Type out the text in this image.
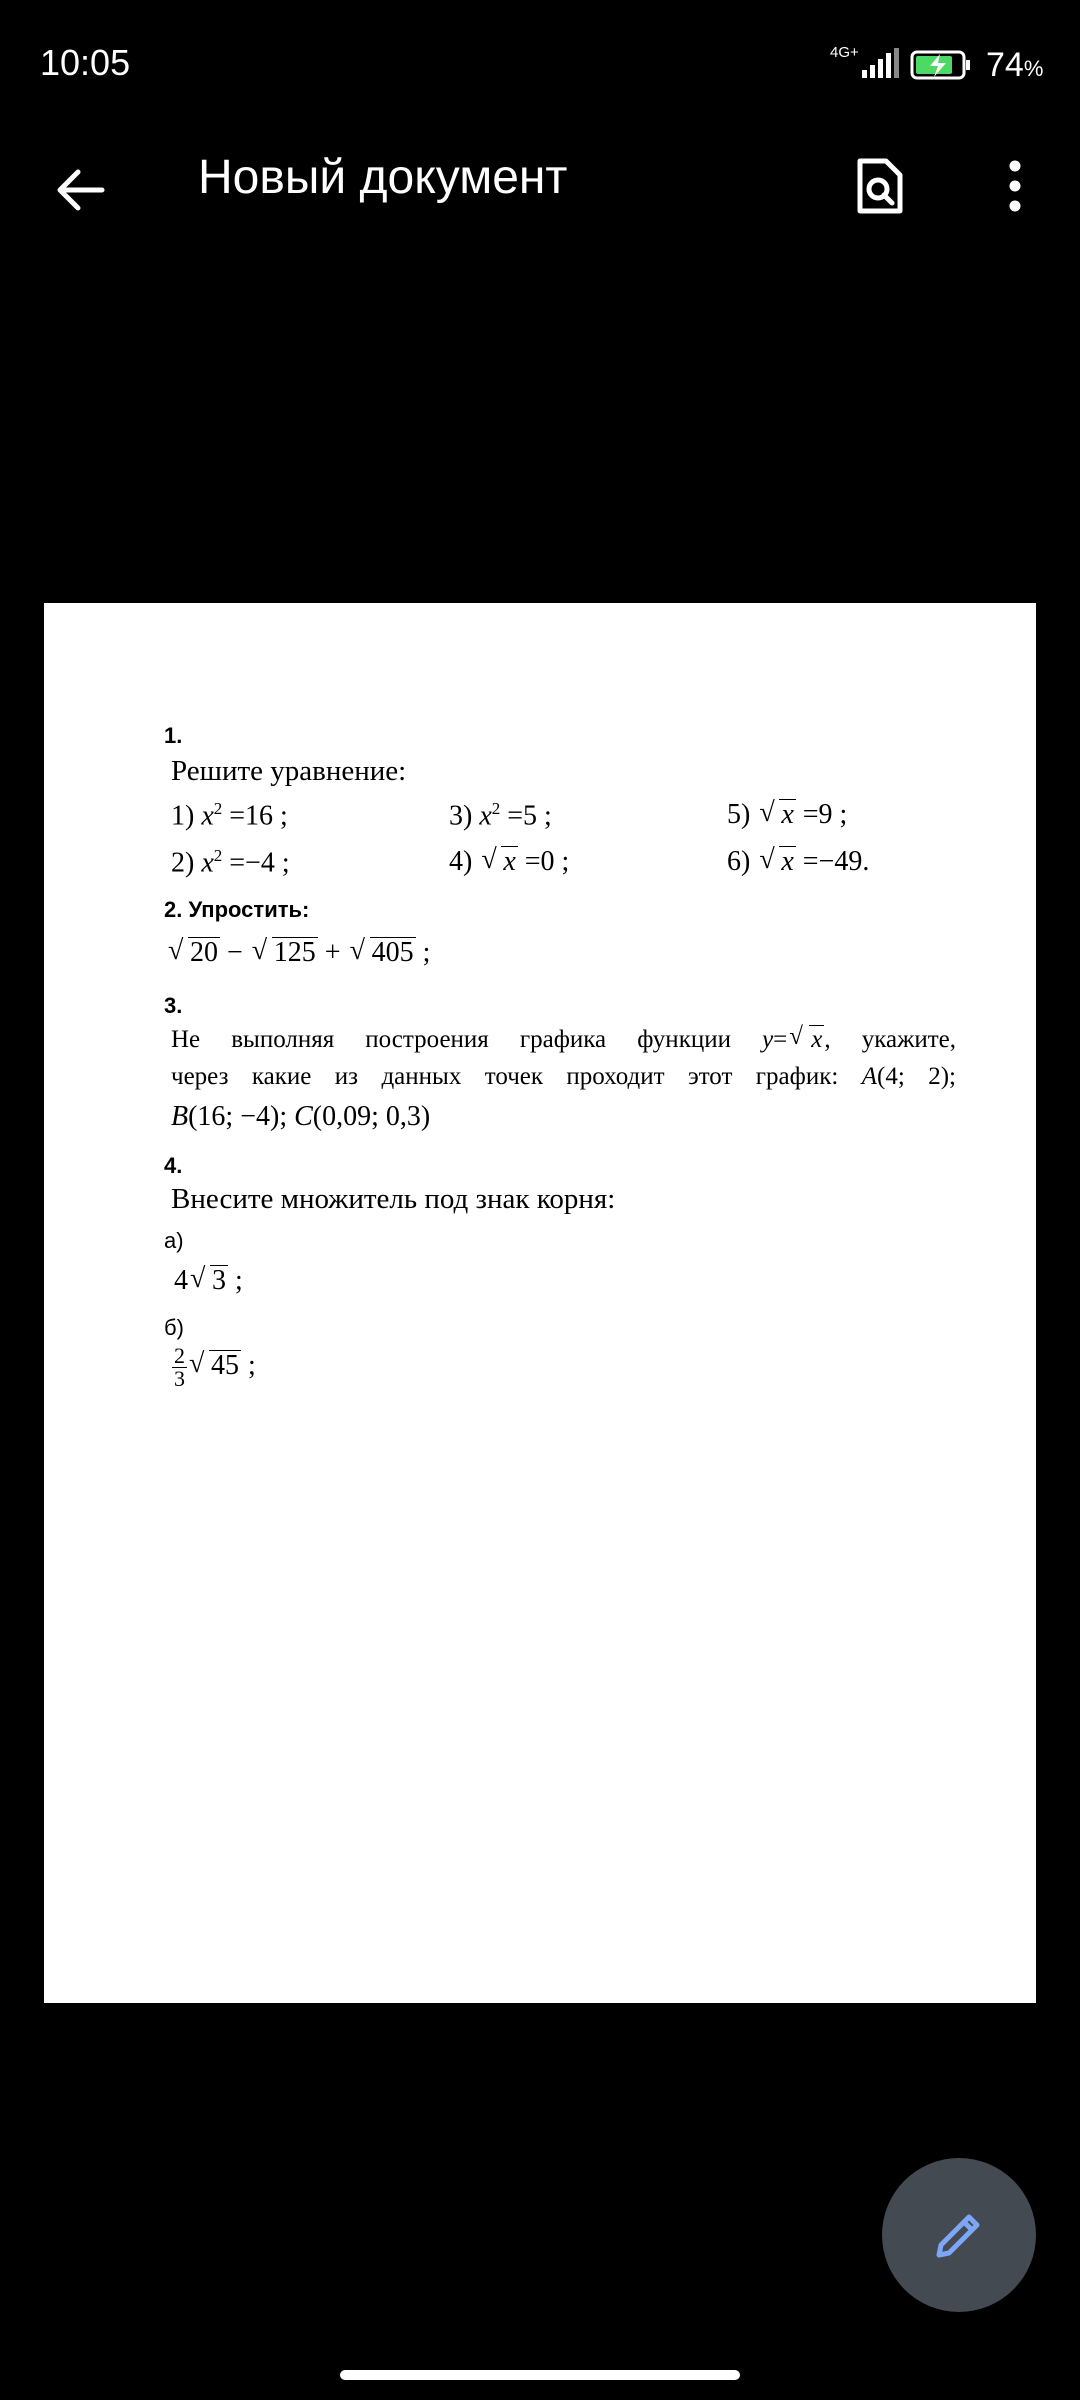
10:05	4G+	74%
Новый документ
1.
Решите уравнение:
1) $x^2 =16$ ;
2) $x^2 =-4$ ;
3) $x^2 =5$ ;
4) √ x =0 ;
5) √ x =9 ;
6) √ x =−49.
2. Упростить:
√ 20 − √ 125 + √ 405 ;
3.
Не выполняя построения графика функции y= √ x, укажите,
через какие из данных точек проходит этот график: A(4; 2);
B(16; −4); C(0,09; 0,3)
4.
Внесите множитель под знак корня:
а)
4 √ 3 ;
б)
$\frac{2}{3}$ √ 45 ;
